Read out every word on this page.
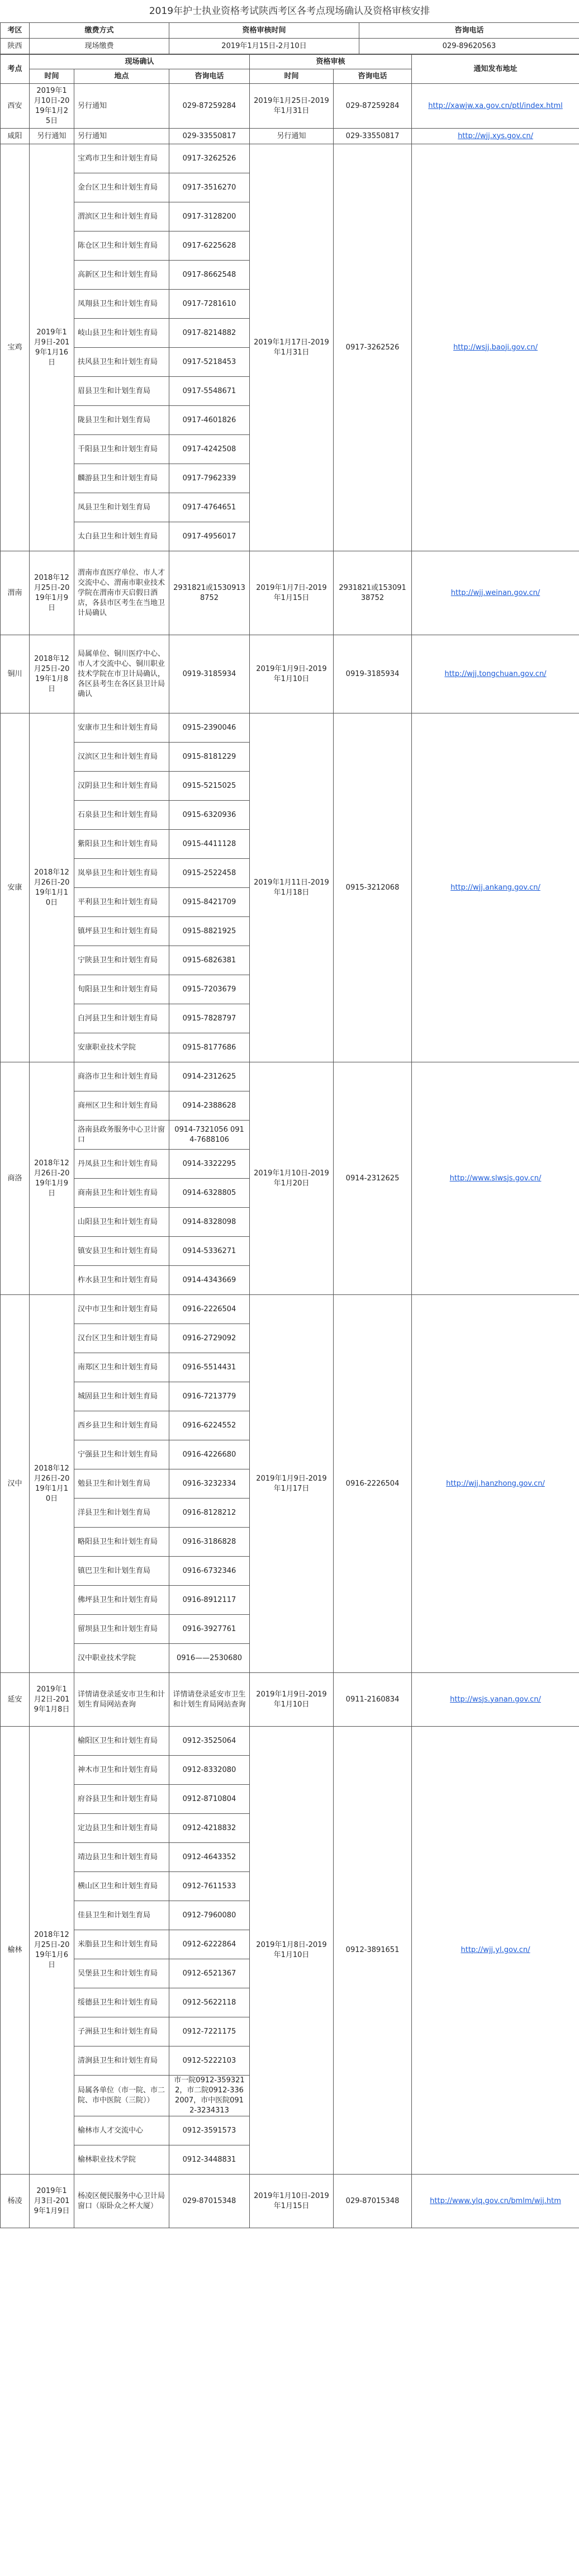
2019年护士执业资格考试陕西考区各考点现场确认及资格审核安排
考区	缴费方式	资格审核时间	咨询电话
陕西	现场缴费	2019年1月15日-2月10日	029-89620563
考点	现场确认			资格审核		通知发布地址
	时间	地点	咨询电话	时间	咨询电话	
西安	2019年1月10日-2019年1月25日	另行通知	029-87259284	2019年1月25日-2019年1月31日	029-87259284	http://xawjw.xa.gov.cn/ptl/index.html
咸阳	另行通知	另行通知	029-33550817	另行通知	029-33550817	http://wjj.xys.gov.cn/
宝鸡	2019年1月9日-2019年1月16日	宝鸡市卫生和计划生育局	0917-3262526	2019年1月17日-2019年1月31日	0917-3262526	http://wsjj.baoji.gov.cn/
		金台区卫生和计划生育局	0917-3516270			
		渭滨区卫生和计划生育局	0917-3128200			
		陈仓区卫生和计划生育局	0917-6225628			
		高新区卫生和计划生育局	0917-8662548			
		凤翔县卫生和计划生育局	0917-7281610			
		岐山县卫生和计划生育局	0917-8214882			
		扶风县卫生和计划生育局	0917-5218453			
		眉县卫生和计划生育局	0917-5548671			
		陇县卫生和计划生育局	0917-4601826			
		千阳县卫生和计划生育局	0917-4242508			
		麟游县卫生和计划生育局	0917-7962339			
		凤县卫生和计划生育局	0917-4764651			
		太白县卫生和计划生育局	0917-4956017			
渭南	2018年12月25日-2019年1月9日	渭南市直医疗单位、市人才交流中心、渭南市职业技术学院在渭南市天启假日酒店，各县市区考生在当地卫计局确认	2931821或15309138752	2019年1月7日-2019年1月15日	2931821或15309138752	http://wjj.weinan.gov.cn/
铜川	2018年12月25日-2019年1月8日	局属单位、铜川医疗中心、市人才交流中心、铜川职业技术学院在市卫计局确认，各区县考生在各区县卫计局确认	0919-3185934	2019年1月9日-2019年1月10日	0919-3185934	http://wjj.tongchuan.gov.cn/
安康	2018年12月26日-2019年1月10日	安康市卫生和计划生育局	0915-2390046	2019年1月11日-2019年1月18日	0915-3212068	http://wjj.ankang.gov.cn/
		汉滨区卫生和计划生育局	0915-8181229			
		汉阴县卫生和计划生育局	0915-5215025			
		石泉县卫生和计划生育局	0915-6320936			
		紫阳县卫生和计划生育局	0915-4411128			
		岚皋县卫生和计划生育局	0915-2522458			
		平利县卫生和计划生育局	0915-8421709			
		镇坪县卫生和计划生育局	0915-8821925			
		宁陕县卫生和计划生育局	0915-6826381			
		旬阳县卫生和计划生育局	0915-7203679			
		白河县卫生和计划生育局	0915-7828797			
		安康职业技术学院	0915-8177686			
商洛	2018年12月26日-2019年1月9日	商洛市卫生和计划生育局	0914-2312625	2019年1月10日-2019年1月20日	0914-2312625	http://www.slwsjs.gov.cn/
		商州区卫生和计划生育局	0914-2388628			
		洛南县政务服务中心卫计窗口	0914-7321056 0914-7688106			
		丹凤县卫生和计划生育局	0914-3322295			
		商南县卫生和计划生育局	0914-6328805			
		山阳县卫生和计划生育局	0914-8328098			
		镇安县卫生和计划生育局	0914-5336271			
		柞水县卫生和计划生育局	0914-4343669			
汉中	2018年12月26日-2019年1月10日	汉中市卫生和计划生育局	0916-2226504	2019年1月9日-2019年1月17日	0916-2226504	http://wjj.hanzhong.gov.cn/
		汉台区卫生和计划生育局	0916-2729092			
		南郑区卫生和计划生育局	0916-5514431			
		城固县卫生和计划生育局	0916-7213779			
		西乡县卫生和计划生育局	0916-6224552			
		宁强县卫生和计划生育局	0916-4226680			
		勉县卫生和计划生育局	0916-3232334			
		洋县卫生和计划生育局	0916-8128212			
		略阳县卫生和计划生育局	0916-3186828			
		镇巴卫生和计划生育局	0916-6732346			
		佛坪县卫生和计划生育局	0916-8912117			
		留坝县卫生和计划生育局	0916-3927761			
		汉中职业技术学院	0916——2530680			
延安	2019年1月2日-2019年1月8日	详情请登录延安市卫生和计划生育局网站查询	详情请登录延安市卫生和计划生育局网站查询	2019年1月9日-2019年1月10日	0911-2160834	http://wsjs.yanan.gov.cn/
榆林	2018年12月25日-2019年1月6日	榆阳区卫生和计划生育局	0912-3525064	2019年1月8日-2019年1月10日	0912-3891651	http://wjj.yl.gov.cn/
		神木市卫生和计划生育局	0912-8332080			
		府谷县卫生和计划生育局	0912-8710804			
		定边县卫生和计划生育局	0912-4218832			
		靖边县卫生和计划生育局	0912-4643352			
		横山区卫生和计划生育局	0912-7611533			
		佳县卫生和计划生育局	0912-7960080			
		米脂县卫生和计划生育局	0912-6222864			
		吴堡县卫生和计划生育局	0912-6521367			
		绥德县卫生和计划生育局	0912-5622118			
		子洲县卫生和计划生育局	0912-7221175			
		清涧县卫生和计划生育局	0912-5222103			
		局属各单位（市一院、市二院、市中医院（三院））	市一院0912-3593212，市二院0912-3362007，市中医院0912-3234313			
		榆林市人才交流中心	0912-3591573			
		榆林职业技术学院	0912-3448831			
杨凌	2019年1月3日-2019年1月9日	杨凌区便民服务中心卫计局窗口（原卧众之杯大厦）	029-87015348	2019年1月10日-2019年1月15日	029-87015348	http://www.ylq.gov.cn/bmlm/wjj.htm
